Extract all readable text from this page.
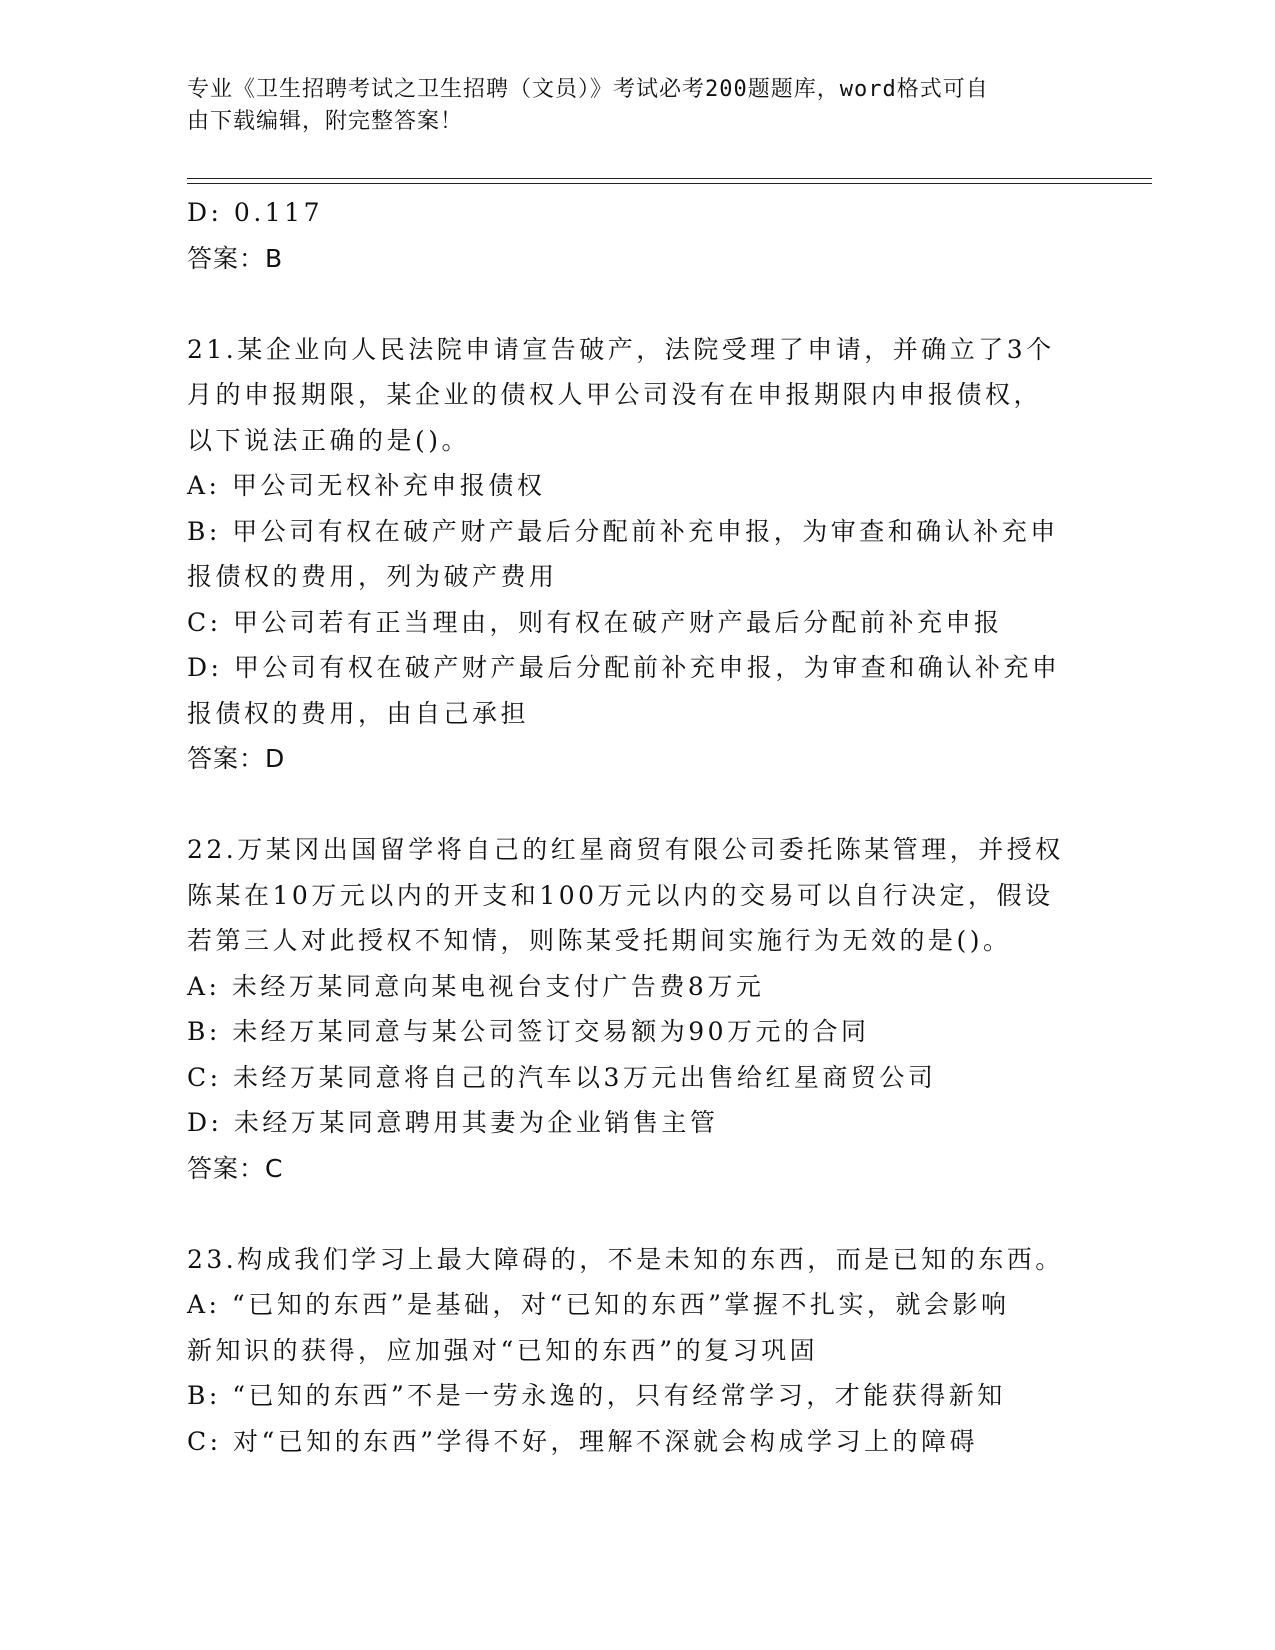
专业《卫生招聘考试之卫生招聘（文员）》考试必考200题题库，word格式可自
由下载编辑，附完整答案！
D: 0.117
答案：B
21.某企业向人民法院申请宣告破产，法院受理了申请，并确立了3个
月的申报期限，某企业的债权人甲公司没有在申报期限内申报债权，
以下说法正确的是()。
A: 甲公司无权补充申报债权
B: 甲公司有权在破产财产最后分配前补充申报，为审查和确认补充申
报债权的费用，列为破产费用
C: 甲公司若有正当理由，则有权在破产财产最后分配前补充申报
D: 甲公司有权在破产财产最后分配前补充申报，为审查和确认补充申
报债权的费用，由自己承担
答案：D
22.万某冈出国留学将自己的红星商贸有限公司委托陈某管理，并授权
陈某在10万元以内的开支和100万元以内的交易可以自行决定，假设
若第三人对此授权不知情，则陈某受托期间实施行为无效的是()。
A: 未经万某同意向某电视台支付广告费8万元
B: 未经万某同意与某公司签订交易额为90万元的合同
C: 未经万某同意将自己的汽车以3万元出售给红星商贸公司
D: 未经万某同意聘用其妻为企业销售主管
答案：C
23.构成我们学习上最大障碍的，不是未知的东西，而是已知的东西。
A: “已知的东西”是基础，对“已知的东西”掌握不扎实，就会影响
新知识的获得，应加强对“已知的东西”的复习巩固
B: “已知的东西”不是一劳永逸的，只有经常学习，才能获得新知
C: 对“已知的东西”学得不好，理解不深就会构成学习上的障碍
